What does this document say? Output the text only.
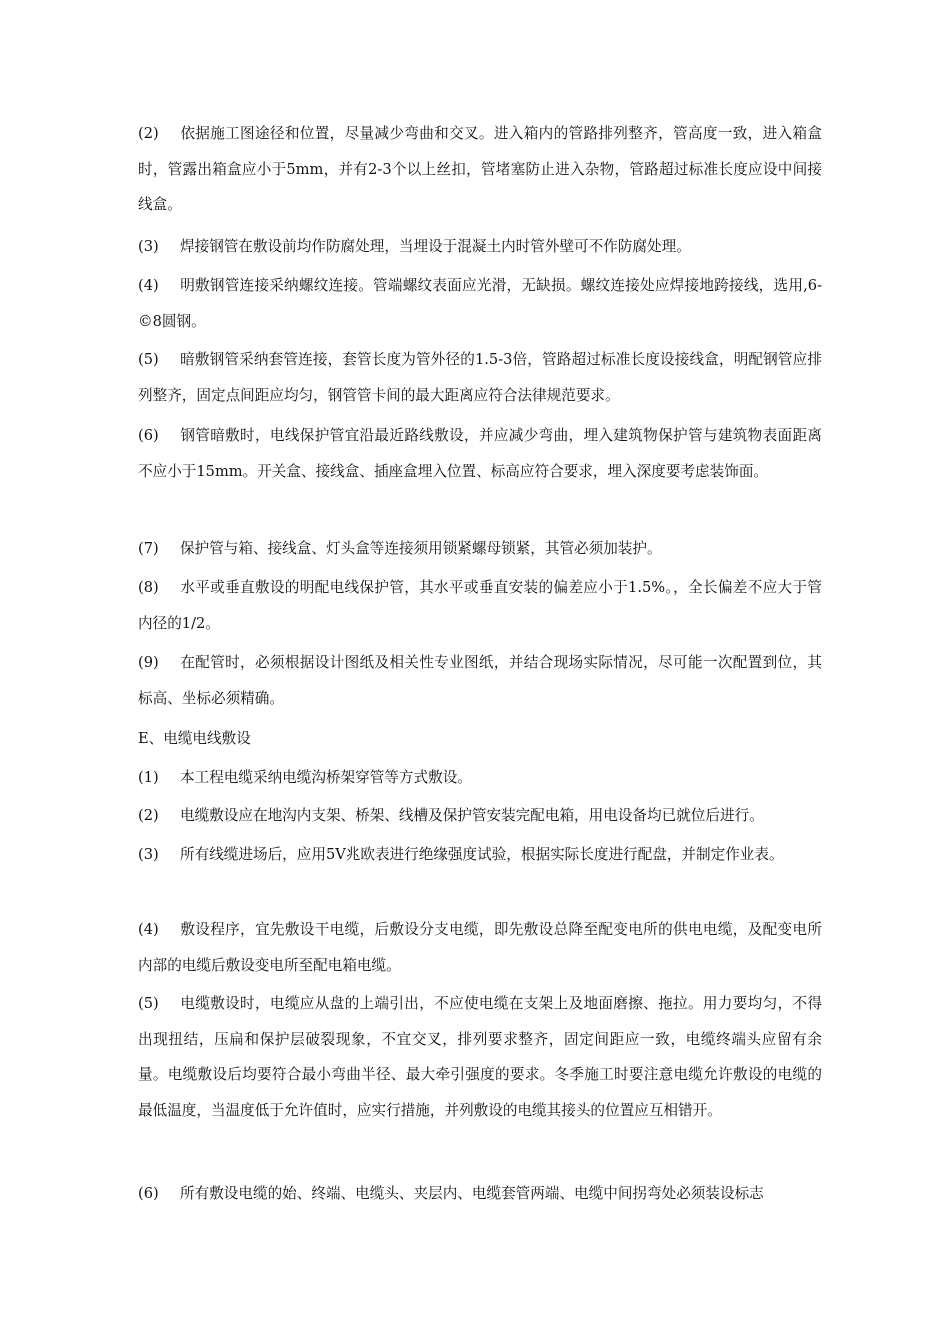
(2) 依据施工图途径和位置，尽量减少弯曲和交叉。进入箱内的管路排列整齐，管高度一致，进入箱盒时，管露出箱盒应小于5mm，并有2-3个以上丝扣，管堵塞防止进入杂物，管路超过标准长度应设中间接线盒。
(3) 焊接钢管在敷设前均作防腐处理，当埋设于混凝土内时管外壁可不作防腐处理。
(4) 明敷钢管连接采纳螺纹连接。管端螺纹表面应光滑，无缺损。螺纹连接处应焊接地跨接线，选用,6-©8圆钢。
(5) 暗敷钢管采纳套管连接，套管长度为管外径的1.5-3倍，管路超过标准长度设接线盒，明配钢管应排列整齐，固定点间距应均匀，钢管管卡间的最大距离应符合法律规范要求。
(6) 钢管暗敷时，电线保护管宜沿最近路线敷设，并应减少弯曲，埋入建筑物保护管与建筑物表面距离不应小于15mm。开关盒、接线盒、插座盒埋入位置、标高应符合要求，埋入深度要考虑装饰面。
(7) 保护管与箱、接线盒、灯头盒等连接须用锁紧螺母锁紧，其管必须加装护。
(8) 水平或垂直敷设的明配电线保护管，其水平或垂直安装的偏差应小于1.5%。，全长偏差不应大于管内径的1/2。
(9) 在配管时，必须根据设计图纸及相关性专业图纸，并结合现场实际情况，尽可能一次配置到位，其标高、坐标必须精确。
E、电缆电线敷设
(1) 本工程电缆采纳电缆沟桥架穿管等方式敷设。
(2) 电缆敷设应在地沟内支架、桥架、线槽及保护管安装完配电箱，用电设备均已就位后进行。
(3) 所有线缆进场后，应用5V兆欧表进行绝缘强度试验，根据实际长度进行配盘，并制定作业表。
(4) 敷设程序，宜先敷设干电缆，后敷设分支电缆，即先敷设总降至配变电所的供电电缆，及配变电所内部的电缆后敷设变电所至配电箱电缆。
(5) 电缆敷设时，电缆应从盘的上端引出，不应使电缆在支架上及地面磨擦、拖拉。用力要均匀，不得出现扭结，压扁和保护层破裂现象，不宜交叉，排列要求整齐，固定间距应一致，电缆终端头应留有余量。电缆敷设后均要符合最小弯曲半径、最大牵引强度的要求。冬季施工时要注意电缆允许敷设的电缆的最低温度，当温度低于允许值时，应实行措施，并列敷设的电缆其接头的位置应互相错开。
(6) 所有敷设电缆的始、终端、电缆头、夹层内、电缆套管两端、电缆中间拐弯处必须装设标志
